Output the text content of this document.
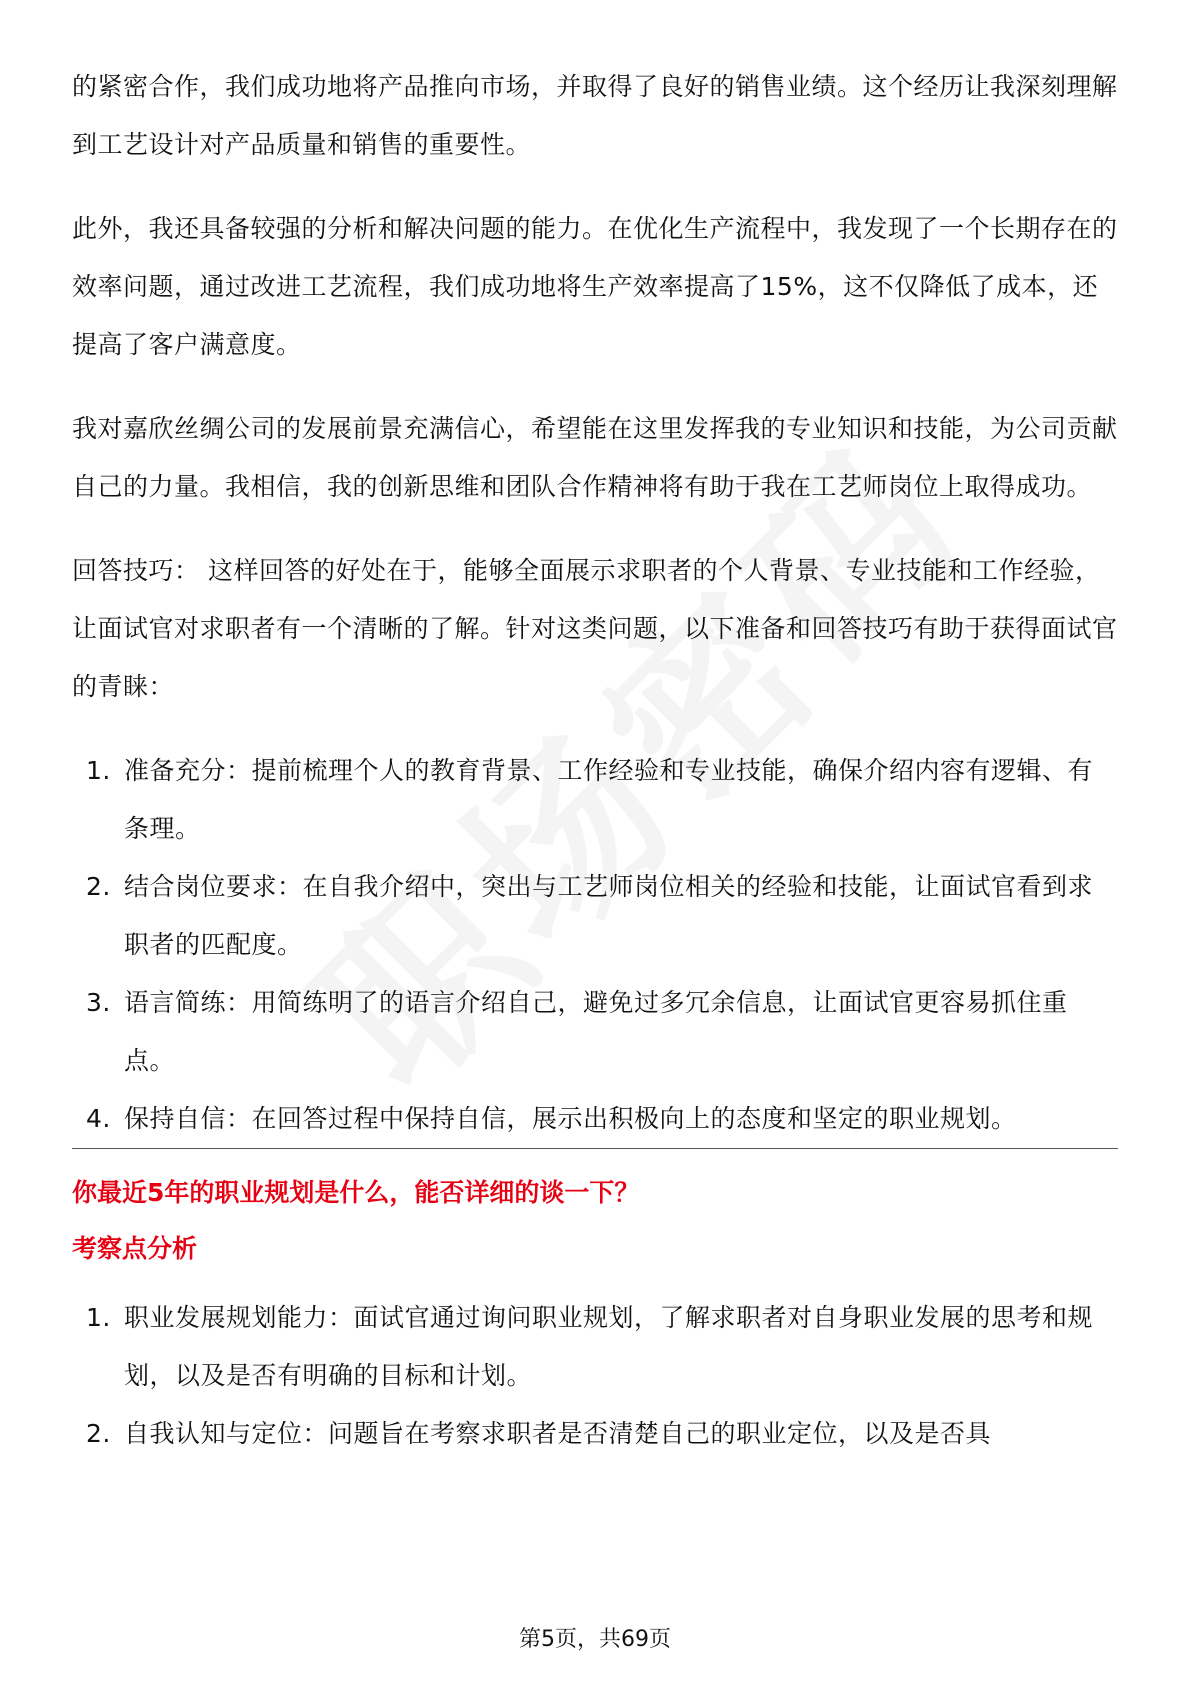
的紧密合作，我们成功地将产品推向市场，并取得了良好的销售业绩。这个经历让我深刻理解到工艺设计对产品质量和销售的重要性。

此外，我还具备较强的分析和解决问题的能力。在优化生产流程中，我发现了一个长期存在的效率问题，通过改进工艺流程，我们成功地将生产效率提高了15%，这不仅降低了成本，还提高了客户满意度。

我对嘉欣丝绸公司的发展前景充满信心，希望能在这里发挥我的专业知识和技能，为公司贡献自己的力量。我相信，我的创新思维和团队合作精神将有助于我在工艺师岗位上取得成功。

回答技巧： 这样回答的好处在于，能够全面展示求职者的个人背景、专业技能和工作经验，让面试官对求职者有一个清晰的了解。针对这类问题，以下准备和回答技巧有助于获得面试官的青睐：

1. 准备充分：提前梳理个人的教育背景、工作经验和专业技能，确保介绍内容有逻辑、有条理。
2. 结合岗位要求：在自我介绍中，突出与工艺师岗位相关的经验和技能，让面试官看到求职者的匹配度。
3. 语言简练：用简练明了的语言介绍自己，避免过多冗余信息，让面试官更容易抓住重点。
4. 保持自信：在回答过程中保持自信，展示出积极向上的态度和坚定的职业规划。
你最近5年的职业规划是什么，能否详细的谈一下？
考察点分析
1. 职业发展规划能力：面试官通过询问职业规划，了解求职者对自身职业发展的思考和规划，以及是否有明确的目标和计划。
2. 自我认知与定位：问题旨在考察求职者是否清楚自己的职业定位，以及是否具
第5页，共69页
